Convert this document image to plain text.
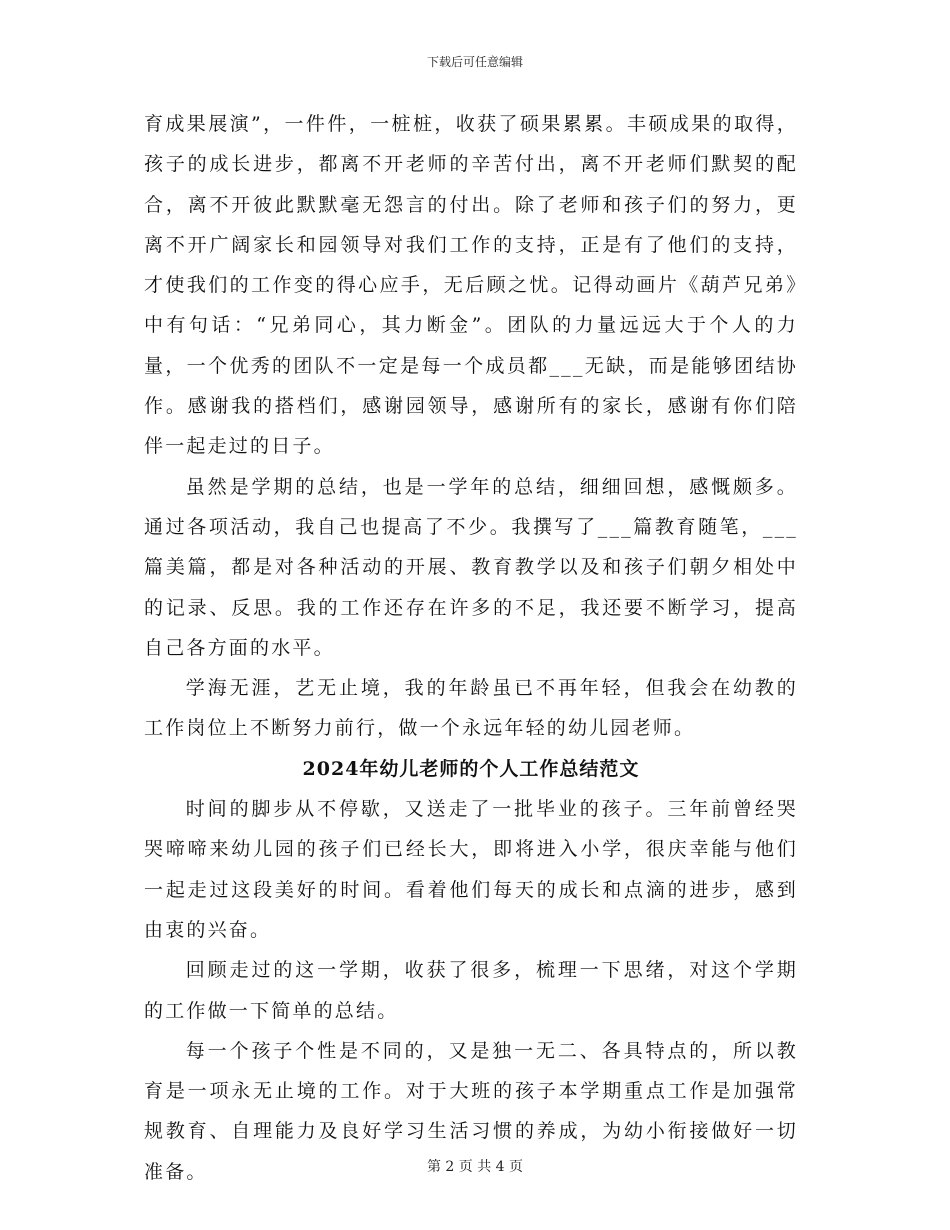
下载后可任意编辑

育成果展演”，一件件，一桩桩，收获了硕果累累。丰硕成果的取得，孩子的成长进步，都离不开老师的辛苦付出，离不开老师们默契的配合，离不开彼此默默毫无怨言的付出。除了老师和孩子们的努力，更离不开广阔家长和园领导对我们工作的支持，正是有了他们的支持，才使我们的工作变的得心应手，无后顾之忧。记得动画片《葫芦兄弟》中有句话：“兄弟同心，其力断金”。团队的力量远远大于个人的力量，一个优秀的团队不一定是每一个成员都___无缺，而是能够团结协作。感谢我的搭档们，感谢园领导，感谢所有的家长，感谢有你们陪伴一起走过的日子。

虽然是学期的总结，也是一学年的总结，细细回想，感慨颇多。通过各项活动，我自己也提高了不少。我撰写了___篇教育随笔，___篇美篇，都是对各种活动的开展、教育教学以及和孩子们朝夕相处中的记录、反思。我的工作还存在许多的不足，我还要不断学习，提高自己各方面的水平。

学海无涯，艺无止境，我的年龄虽已不再年轻，但我会在幼教的工作岗位上不断努力前行，做一个永远年轻的幼儿园老师。

2024年幼儿老师的个人工作总结范文

时间的脚步从不停歇，又送走了一批毕业的孩子。三年前曾经哭哭啼啼来幼儿园的孩子们已经长大，即将进入小学，很庆幸能与他们一起走过这段美好的时间。看着他们每天的成长和点滴的进步，感到由衷的兴奋。

回顾走过的这一学期，收获了很多，梳理一下思绪，对这个学期的工作做一下简单的总结。

每一个孩子个性是不同的，又是独一无二、各具特点的，所以教育是一项永无止境的工作。对于大班的孩子本学期重点工作是加强常规教育、自理能力及良好学习生活习惯的养成，为幼小衔接做好一切准备。	第 2 页 共 4 页
